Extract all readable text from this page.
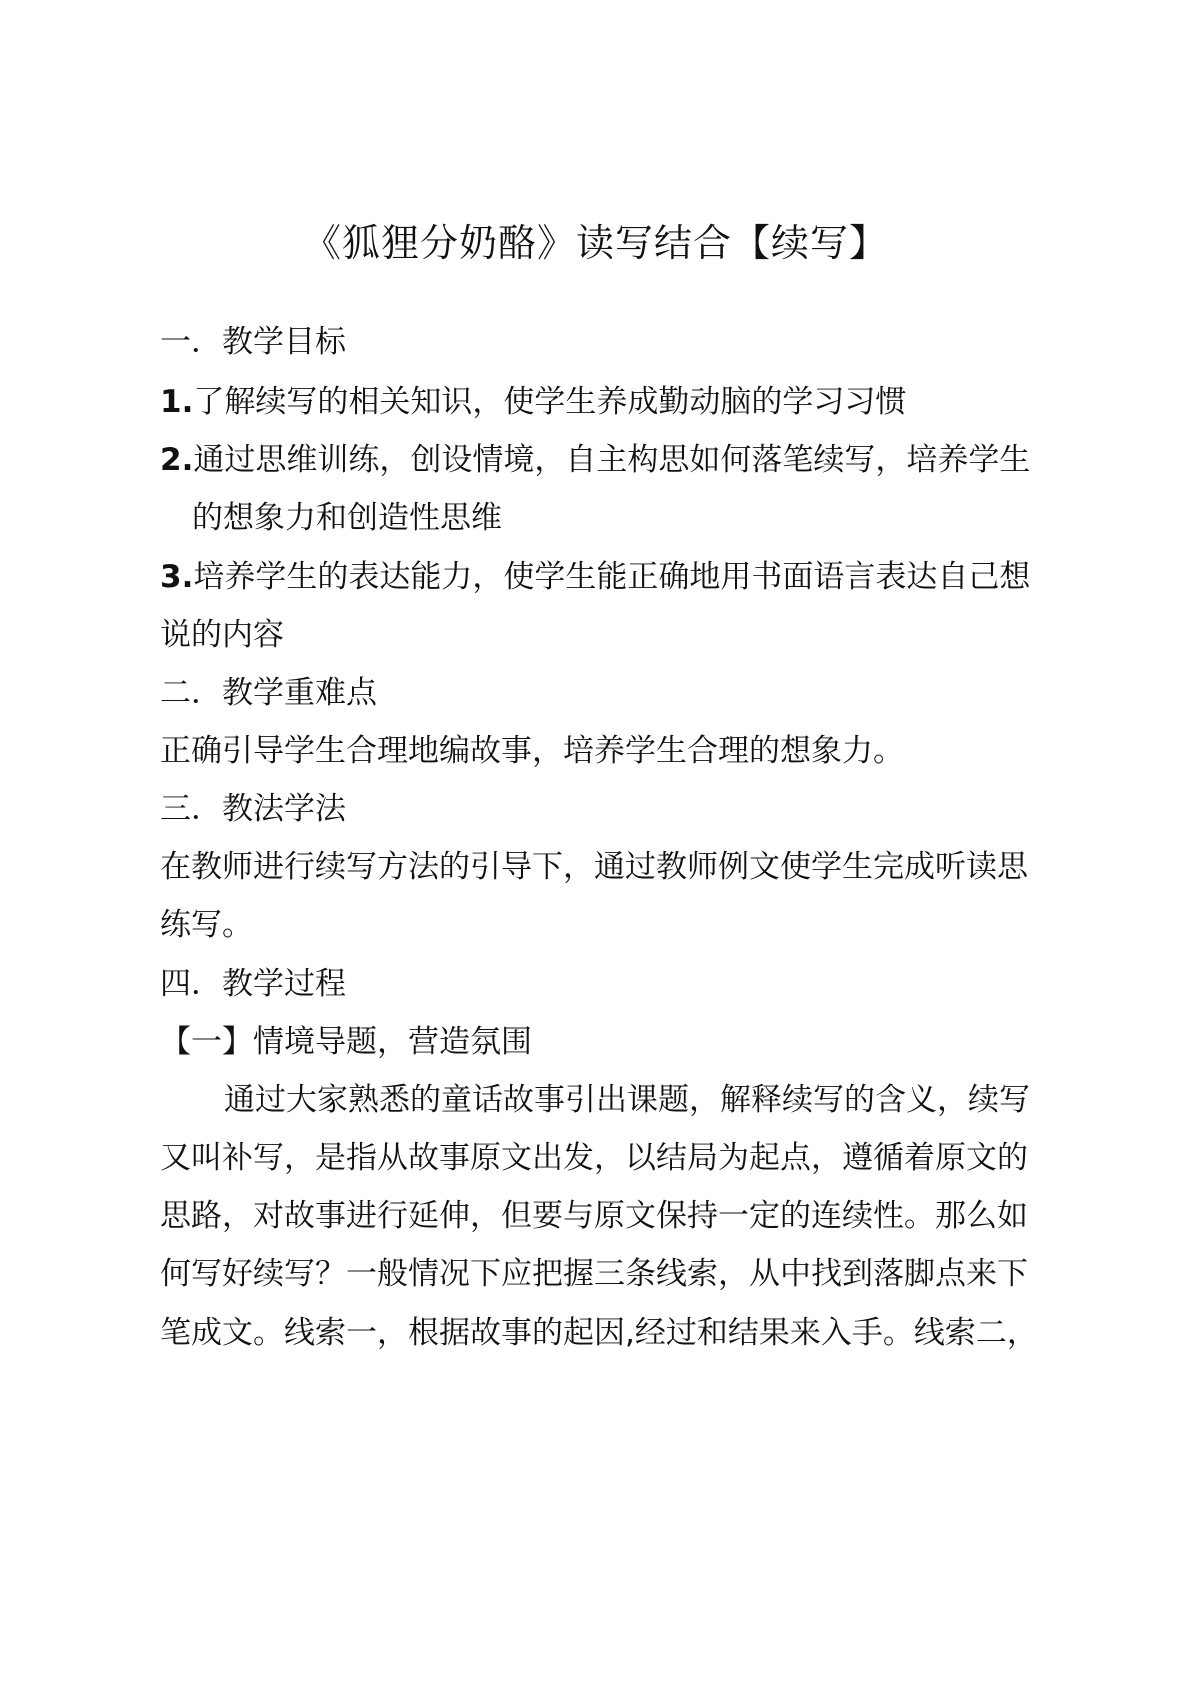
《狐狸分奶酪》读写结合【续写】
一．教学目标
1.了解续写的相关知识，使学生养成勤动脑的学习习惯
2.通过思维训练，创设情境，自主构思如何落笔续写，培养学生
的想象力和创造性思维
3.培养学生的表达能力，使学生能正确地用书面语言表达自己想
说的内容
二．教学重难点
正确引导学生合理地编故事，培养学生合理的想象力。
三．教法学法
在教师进行续写方法的引导下，通过教师例文使学生完成听读思
练写。
四．教学过程
【一】情境导题，营造氛围
通过大家熟悉的童话故事引出课题，解释续写的含义，续写
又叫补写，是指从故事原文出发，以结局为起点，遵循着原文的
思路，对故事进行延伸，但要与原文保持一定的连续性。那么如
何写好续写？一般情况下应把握三条线索，从中找到落脚点来下
笔成文。线索一，根据故事的起因,经过和结果来入手。线索二，
